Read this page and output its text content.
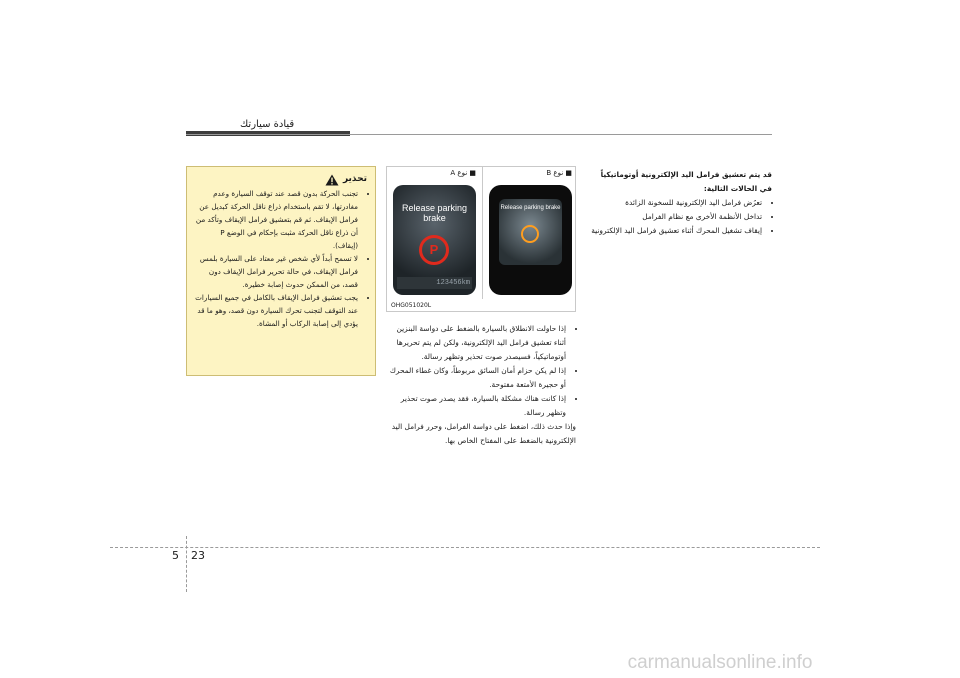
قيادة سيارتك
تحذير
• تجنب الحركة بدون قصد عند توقف السيارة وعدم مغادرتها، لا تقم باستخدام ذراع ناقل الحركة كبديل عن فرامل الإيقاف. ثم قم بتعشيق فرامل الإيقاف وتأكد من أن ذراع ناقل الحركة مثبت بإحكام في الوضع P (إيقاف).
• لا تسمح أبداً لأي شخص غير معتاد على السيارة بلمس فرامل الإيقاف، في حالة تحرير فرامل الإيقاف دون قصد، من الممكن حدوث إصابة خطيرة.
• يجب تعشيق فرامل الإيقاف بالكامل في جميع السيارات عند التوقف لتجنب تحرك السيارة دون قصد، وهو ما قد يؤدي إلى إصابة الركاب أو المشاة.
■ نوع A
Release parking brake
P
123456km
■ نوع B
Release parking brake
OHG051020L
• إذا حاولت الانطلاق بالسيارة بالضغط على دواسة البنزين أثناء تعشيق فرامل اليد الإلكترونية، ولكن لم يتم تحريرها أوتوماتيكياً، فسيصدر صوت تحذير وتظهر رسالة.
• إذا لم يكن حزام أمان السائق مربوطاً، وكان غطاء المحرك أو حجيرة الأمتعة مفتوحة.
• إذا كانت هناك مشكلة بالسيارة، فقد يصدر صوت تحذير وتظهر رسالة.

وإذا حدث ذلك، اضغط على دواسة الفرامل، وحرر فرامل اليد الإلكترونية بالضغط على المفتاح الخاص بها.

قد يتم تعشيق فرامل اليد الإلكترونية أوتوماتيكياً في الحالات التالية:

• تعرُض فرامل اليد الإلكترونية للسخونة الزائدة
• تداخل الأنظمة الأخرى مع نظام الفرامل
• إيقاف تشغيل المحرك أثناء تعشيق فرامل اليد الإلكترونية
5 23
carmanualsonline.info
